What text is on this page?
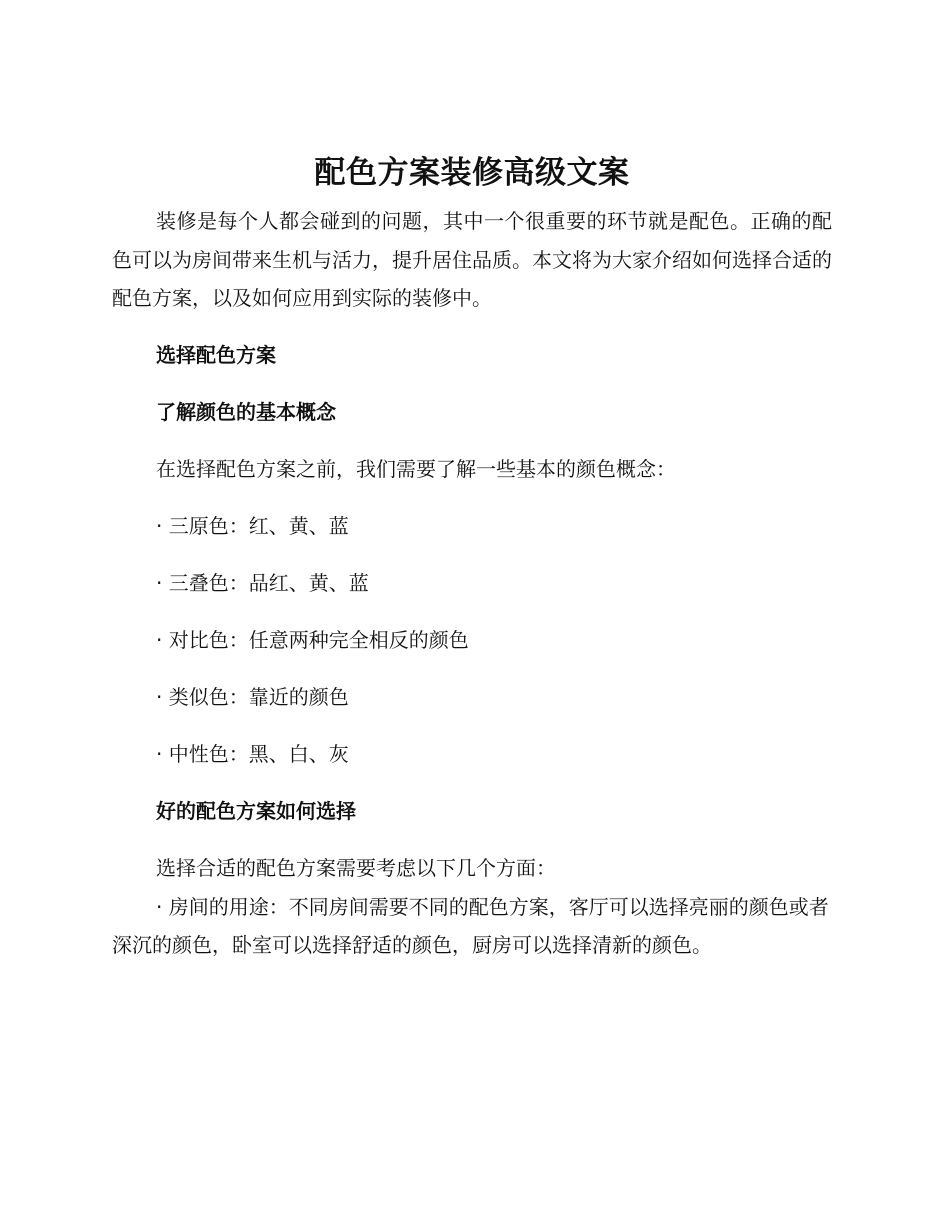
配色方案装修高级文案

装修是每个人都会碰到的问题，其中一个很重要的环节就是配色。正确的配色可以为房间带来生机与活力，提升居住品质。本文将为大家介绍如何选择合适的配色方案，以及如何应用到实际的装修中。

选择配色方案

了解颜色的基本概念

在选择配色方案之前，我们需要了解一些基本的颜色概念：

· 三原色：红、黄、蓝

· 三叠色：品红、黄、蓝

· 对比色：任意两种完全相反的颜色

· 类似色：靠近的颜色

· 中性色：黑、白、灰

好的配色方案如何选择

选择合适的配色方案需要考虑以下几个方面：

· 房间的用途：不同房间需要不同的配色方案，客厅可以选择亮丽的颜色或者深沉的颜色，卧室可以选择舒适的颜色，厨房可以选择清新的颜色。
